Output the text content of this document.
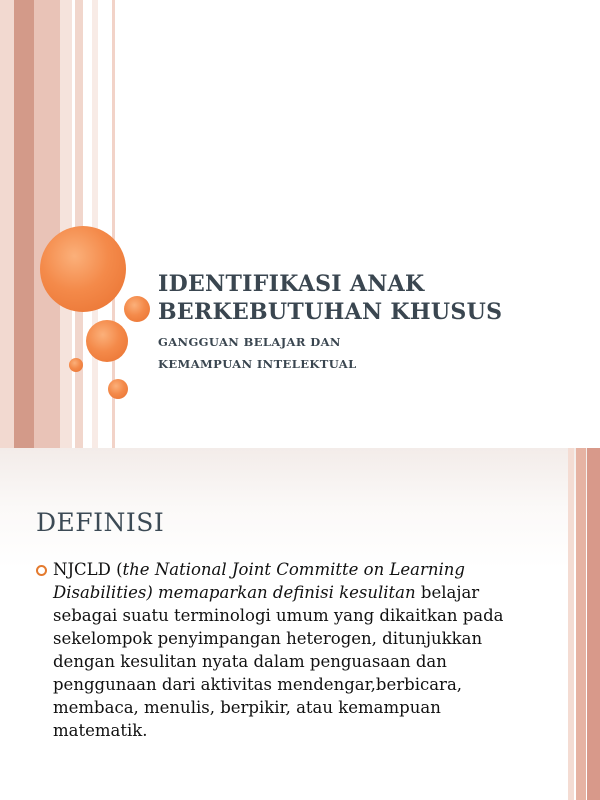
IDENTIFIKASI ANAK BERKEBUTUHAN KHUSUS
GANGGUAN BELAJAR DAN
KEMAMPUAN INTELEKTUAL
DEFINISI
NJCLD (the National Joint Committe on Learning Disabilities) memaparkan definisi kesulitan belajar sebagai suatu terminologi umum yang dikaitkan pada sekelompok penyimpangan heterogen, ditunjukkan dengan kesulitan nyata dalam penguasaan dan penggunaan dari aktivitas mendengar,berbicara, membaca, menulis, berpikir, atau kemampuan matematik.
